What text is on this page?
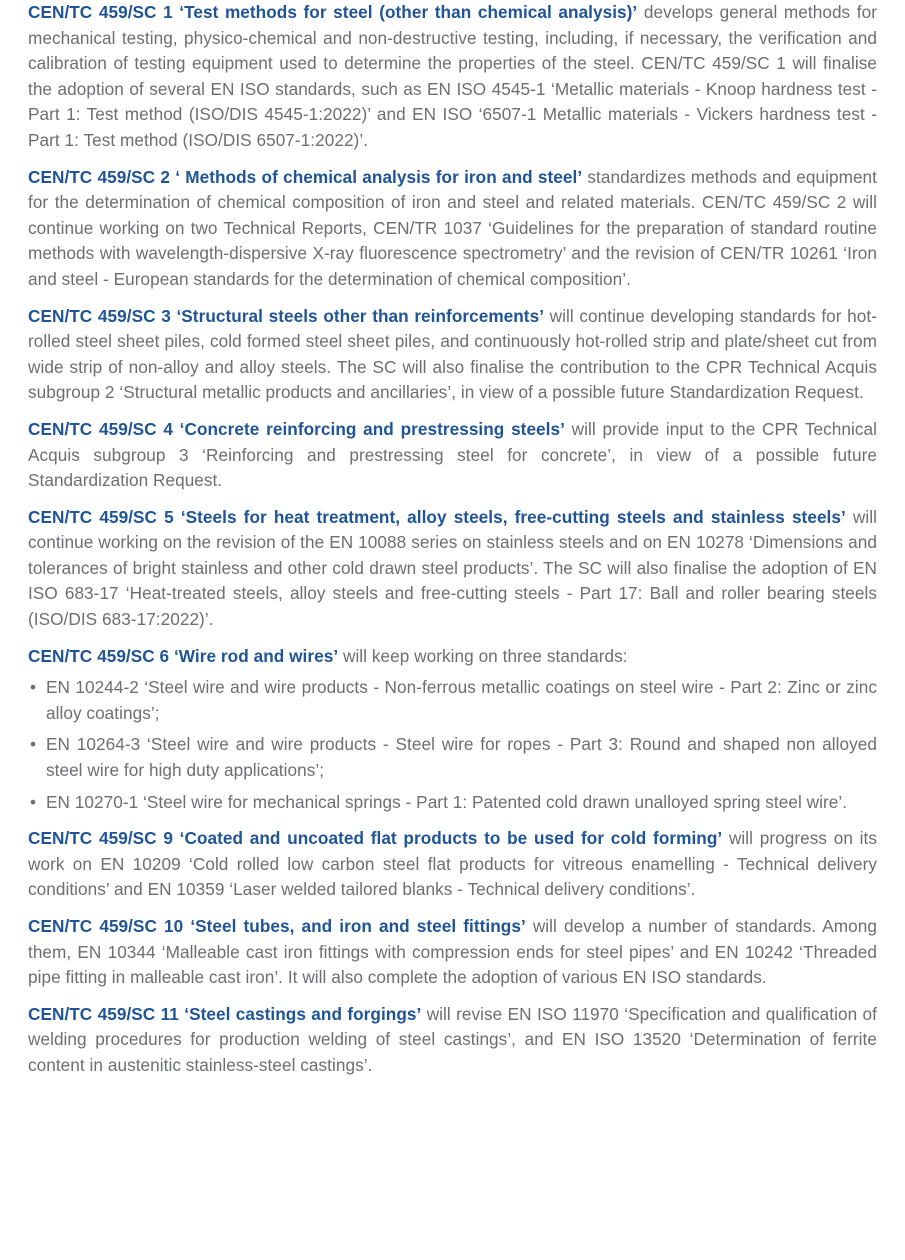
CEN/TC 459/SC 1 ‘Test methods for steel (other than chemical analysis)’ develops general methods for mechanical testing, physico-chemical and non-destructive testing, including, if necessary, the verification and calibration of testing equipment used to determine the properties of the steel. CEN/TC 459/SC 1 will finalise the adoption of several EN ISO standards, such as EN ISO 4545-1 ‘Metallic materials - Knoop hardness test - Part 1: Test method (ISO/DIS 4545-1:2022)’ and EN ISO ‘6507-1 Metallic materials - Vickers hardness test - Part 1: Test method (ISO/DIS 6507-1:2022)’.

CEN/TC 459/SC 2 ‘ Methods of chemical analysis for iron and steel’ standardizes methods and equipment for the determination of chemical composition of iron and steel and related materials. CEN/TC 459/SC 2 will continue working on two Technical Reports, CEN/TR 1037 ‘Guidelines for the preparation of standard routine methods with wavelength-dispersive X-ray fluorescence spectrometry’ and the revision of CEN/TR 10261 ‘Iron and steel - European standards for the determination of chemical composition’.

CEN/TC 459/SC 3 ‘Structural steels other than reinforcements’ will continue developing standards for hot-rolled steel sheet piles, cold formed steel sheet piles, and continuously hot-rolled strip and plate/sheet cut from wide strip of non-alloy and alloy steels. The SC will also finalise the contribution to the CPR Technical Acquis subgroup 2 ‘Structural metallic products and ancillaries’, in view of a possible future Standardization Request.

CEN/TC 459/SC 4 ‘Concrete reinforcing and prestressing steels’ will provide input to the CPR Technical Acquis subgroup 3 ‘Reinforcing and prestressing steel for concrete’, in view of a possible future Standardization Request.

CEN/TC 459/SC 5 ‘Steels for heat treatment, alloy steels, free-cutting steels and stainless steels’ will continue working on the revision of the EN 10088 series on stainless steels and on EN 10278 ‘Dimensions and tolerances of bright stainless and other cold drawn steel products’. The SC will also finalise the adoption of EN ISO 683-17 ‘Heat-treated steels, alloy steels and free-cutting steels - Part 17: Ball and roller bearing steels (ISO/DIS 683-17:2022)’.

CEN/TC 459/SC 6 ‘Wire rod and wires’ will keep working on three standards:

• EN 10244-2 ‘Steel wire and wire products - Non-ferrous metallic coatings on steel wire - Part 2: Zinc or zinc alloy coatings’;
• EN 10264-3 ‘Steel wire and wire products - Steel wire for ropes - Part 3: Round and shaped non alloyed steel wire for high duty applications’;
• EN 10270-1 ‘Steel wire for mechanical springs - Part 1: Patented cold drawn unalloyed spring steel wire’.

CEN/TC 459/SC 9 ‘Coated and uncoated flat products to be used for cold forming’ will progress on its work on EN 10209 ‘Cold rolled low carbon steel flat products for vitreous enamelling - Technical delivery conditions’ and EN 10359 ‘Laser welded tailored blanks - Technical delivery conditions’.

CEN/TC 459/SC 10 ‘Steel tubes, and iron and steel fittings’ will develop a number of standards. Among them, EN 10344 ‘Malleable cast iron fittings with compression ends for steel pipes’ and EN 10242 ‘Threaded pipe fitting in malleable cast iron’. It will also complete the adoption of various EN ISO standards.

CEN/TC 459/SC 11 ‘Steel castings and forgings’ will revise EN ISO 11970 ‘Specification and qualification of welding procedures for production welding of steel castings’, and EN ISO 13520 ‘Determination of ferrite content in austenitic stainless-steel castings’.
